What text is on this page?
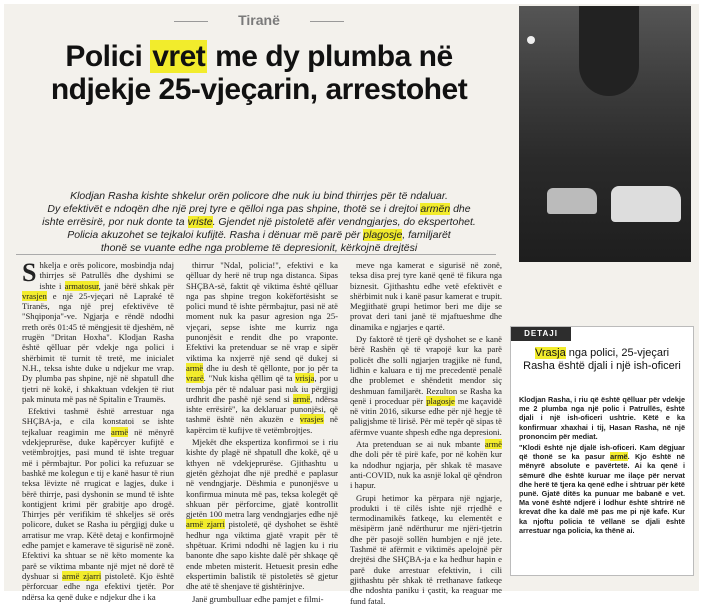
Tiranë
Polici vret me dy plumba në ndjekje 25-vjeçarin, arrestohet
Klodjan Rasha kishte shkelur orën policore dhe nuk iu bind thirrjes për të ndaluar.
Dy efektivët e ndoqën dhe një prej tyre e qëlloi nga pas shpine, thotë se i drejtoi armën dhe
ishte errësirë, por nuk donte ta vriste. Gjendet një pistoletë afër vendngjarjes, do ekspertohet.
Policia akuzohet se tejkaloi kufijtë. Rasha i dënuar më parë për plagosje, familjarët
thonë se vuante edhe nga probleme të depresionit, kërkojnë drejtësi

Shkelja e orës policore, mosbindja ndaj thirrjes së Patrullës dhe dyshimi se ishte i armatosur, janë bërë shkak për vrasjen e një 25-vjeçari në Lapraké të Tiranës, nga një prej efektivëve të "Shqiponja"-ve. Ngjarja e rëndë ndodhi rreth orës 01:45 të mëngjesit të djeshëm, në rrugën "Dritan Hoxha". Klodjan Rasha është qëlluar për vdekje nga polici i shërbimit të turnit të tretë, me inicialet N.H., teksa ishte duke u ndjekur me vrap. Dy plumba pas shpine, një në shpatull dhe tjetri në kokë, i shkaktuan vdekjen të riut pak minuta më pas në Spitalin e Traumës.

Efektivi tashmë është arrestuar nga SHÇBA-ja, e cila konstatoi se ishte tejkaluar reagimin me armë në mënyrë vdekjeprurëse, duke kapërcyer kufijtë e vetëmbrojtjes, pasi mund të ishte treguar më i përmbajtur. Por polici ka refuzuar se bashkë me kolegun e tij e kanë hasur të riun teksa lëvizte në rrugicat e lagjes, duke i bërë thirrje, pasi dyshonin se mund të ishte kontigjent krimi për grabitje apo drogë. Thirrjes për verifikim të shkeljes së orës policore, duket se Rasha iu përgjigj duke u arratisur me vrap. Këtë detaj e konfirmojnë edhe pamjet e kamerave të sigurisë në zonë. Efektivi ka shtuar se në këto momente ka parë se viktima mbante një mjet në dorë të dyshuar si armë zjarri pistoletë. Kjo është përforcuar edhe nga efektivi tjetër. Por ndërsa ka qenë duke e ndjekur dhe i ka

thirrur "Ndal, policia!", efektivi e ka qëlluar dy herë në trup nga distanca. Sipas SHÇBA-së, faktit që viktima është qëlluar nga pas shpine tregon kokëfortësisht se polici mund të ishte përmbajtur, pasi në atë moment nuk ka pasur agresion nga 25-vjeçari, sepse ishte me kurriz nga punonjësit e rendit dhe po vraponte. Efektivi ka pretenduar se në vrap e sipër viktima ka nxjerrë një send që dukej si armë dhe iu desh të qëllonte, por jo për ta vrarë. "Nuk kisha qëllim që ta vrisja, por u trembja për të ndaluar pasi nuk iu përgjigj urdhrit dhe pashë një send si armë, ndërsa ishte errësirë", ka deklaruar punonjësi, që tashmë është nën akuzën e vrasjes në kapërcim të kufijve të vetëmbrojtjes.

Mjekët dhe ekspertiza konfirmoi se i riu kishte dy plagë në shpatull dhe kokë, që u kthyen në vdekjeprurëse. Gjithashtu u gjetën gëzhojat dhe një predhë e paplasur në vendngjarje. Dëshmia e punonjësve u konfirmua minuta më pas, teksa kolegët që shkuan për përforcime, gjatë kontrollit gjetën 100 metra larg vendngjarjes edhe një armë zjarri pistoletë, që dyshohet se është hedhur nga viktima gjatë vrapit për të shpëtuar. Krimi ndodhi në lagjen ku i riu banonte dhe sapo kishte dalë për shkaqe që ende mbeten misterit. Hetuesit presin edhe ekspertimin balistik të pistoletës së gjetur dhe atë të shenjave të gishtërinjve.

Janë grumbulluar edhe pamjet e filmi-

meve nga kamerat e sigurisë në zonë, teksa disa prej tyre kanë qenë të fikura nga biznesit. Gjithashtu edhe vetë efektivët e shërbimit nuk i kanë pasur kamerat e trupit. Megjithatë grupi hetimor beri me dije se provat deri tani janë të mjaftueshme dhe dinamika e ngjarjes e qartë.

Dy faktorë të tjerë që dyshohet se e kanë bërë Rashën që të vrapojë kur ka parë policët dhe solli ngjarjen tragjike në fund, lidhin e kaluara e tij me precedentë penalë dhe problemet e shëndetit mendor siç deshmuan familjarët. Rezulton se Rasha ka qenë i proceduar për plagosje me kaçavidë në vitin 2016, sikurse edhe për një hegje të paligjshme të lirisë. Për më tepër që sipas të afërmve vuante shpesh edhe nga depresioni.

Ata pretenduan se ai nuk mbante armë dhe doli për të pirë kafe, por në kohën kur ka ndodhur ngjarja, për shkak të masave anti-COVID, nuk ka asnjë lokal që qëndron i hapur.

Grupi hetimor ka përpara një ngjarje, produkti i të cilës ishte një rrjedhë e termodinamikës fatkeqe, ku elementët e mësipërm janë ndërthurur me njëri-tjetrin dhe për pasojë sollën humbjen e një jete. Tashmë të afërmit e viktimës apelojnë për drejtësi dhe SHÇBA-ja e ka hedhur hapin e parë duke arrestuar efektivin, i cili gjithashtu për shkak të rrethanave fatkeqe dhe ndoshta paniku i çastit, ka reaguar me fund fatal.

DETAJI
Vrasja nga polici, 25-vjeçari Rasha është djali i një ish-oficeri

Klodjan Rasha, i riu që është qëlluar për vdekje me 2 plumba nga një polic i Patrullës, është djali i një ish-oficeri ushtrie. Këtë e ka konfirmuar xhaxhai i tij, Hasan Rasha, në një prononcim për mediat.

"Klodi është një djalë ish-oficeri. Kam dëgjuar që thonë se ka pasur armë. Kjo është në mënyrë absolute e pavërtetë. Ai ka qenë i sëmurë dhe është kuruar me ilaçe për nervat dhe herë të tjera ka qenë edhe i shtruar për këtë punë. Gjatë ditës ka punuar me babanë e vet. Ma vonë është ndjerë i lodhur është shtrirë në krevat dhe ka dalë më pas me pi një kafe. Kur ka njoftu policia të vëllanë se djali është arrestuar nga policia, ka thënë ai.
